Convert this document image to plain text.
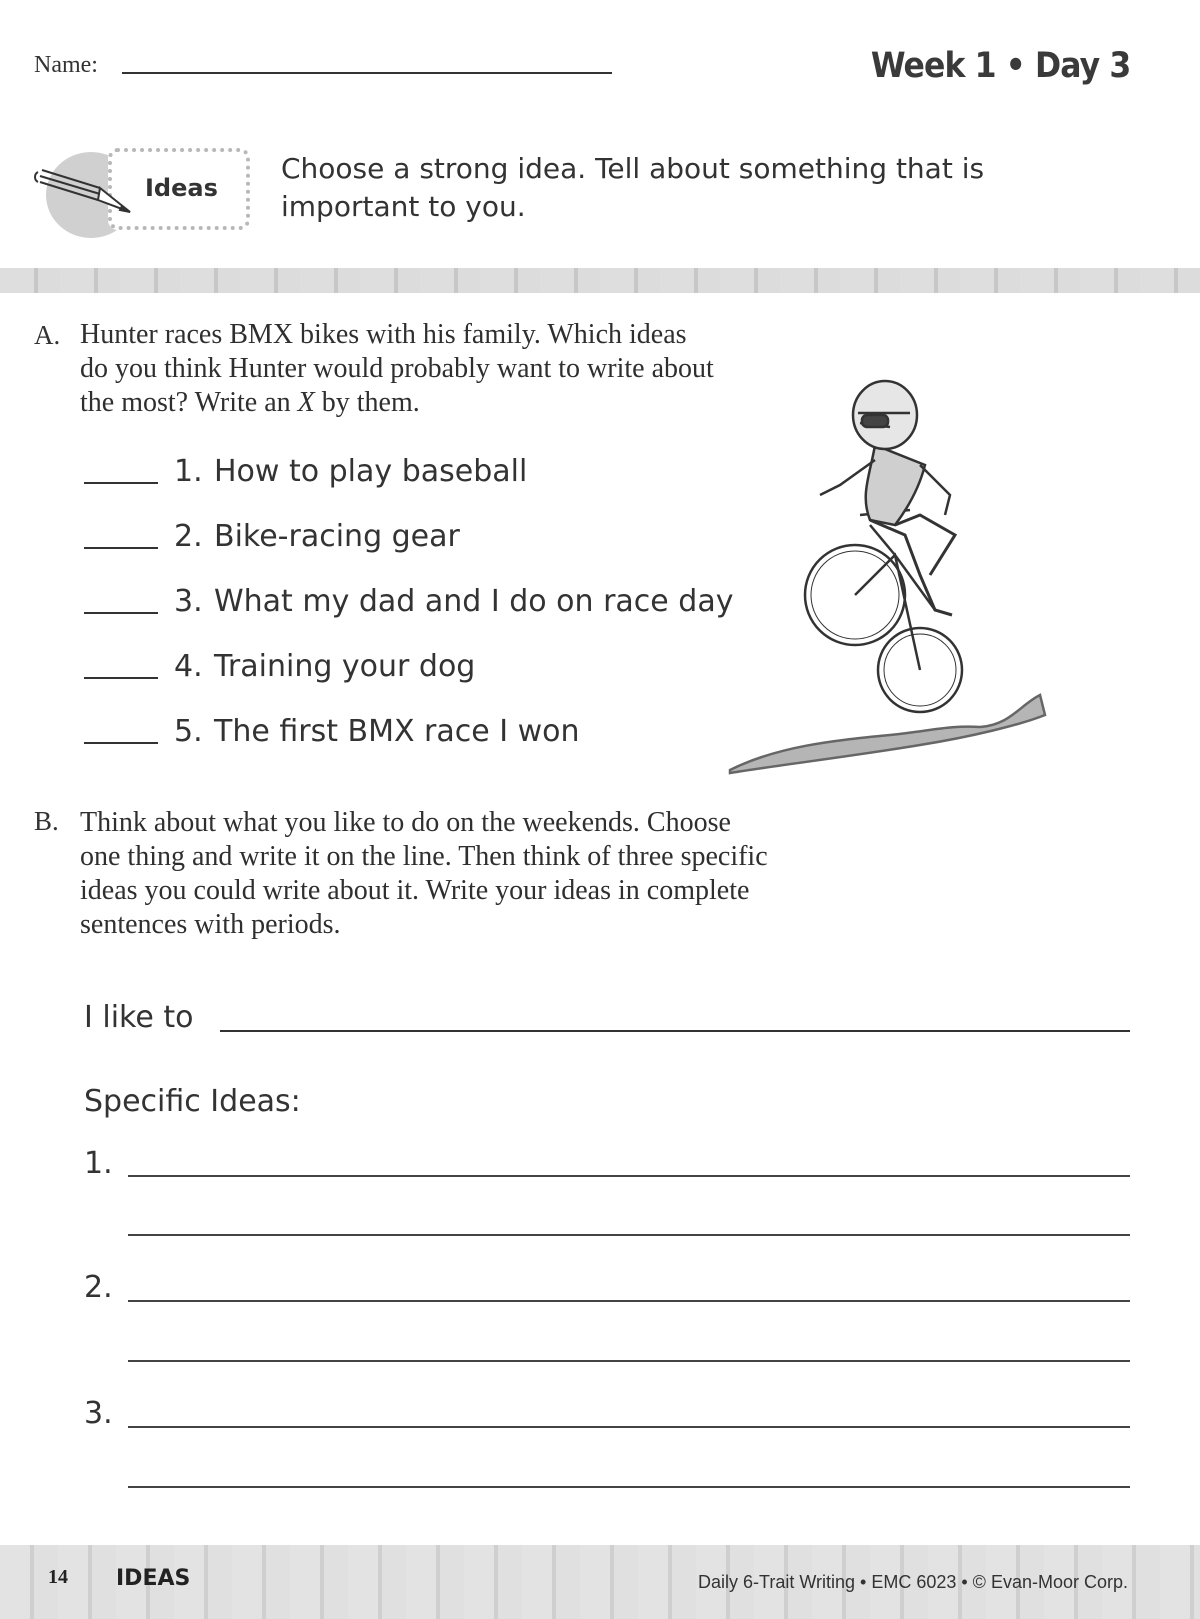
Name:	Week 1 • Day 3
Ideas
Choose a strong idea. Tell about something that is important to you.
A. Hunter races BMX bikes with his family. Which ideas
do you think Hunter would probably want to write about
the most? Write an X by them.
1. How to play baseball
2. Bike-racing gear
3. What my dad and I do on race day
4. Training your dog
5. The first BMX race I won
B. Think about what you like to do on the weekends. Choose
one thing and write it on the line. Then think of three specific
ideas you could write about it. Write your ideas in complete
sentences with periods.
I like to
Specific Ideas:
1.
2.
3.
14 IDEAS	Daily 6-Trait Writing • EMC 6023 • © Evan-Moor Corp.
